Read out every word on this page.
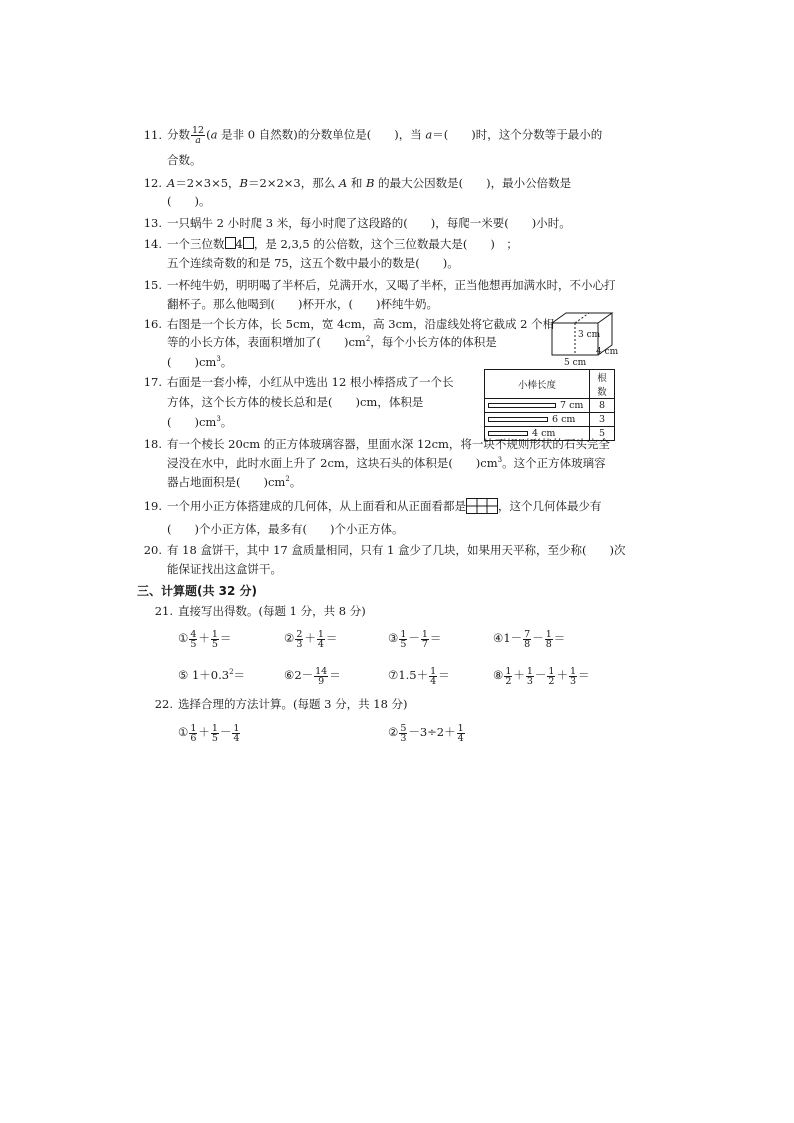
11. 分数 $\frac{12}{a} (a$ 是非 0 自然数)的分数单位是(　　)，当 a＝(　　)时，这个分数等于最小的
合数。
12. A＝2×3×5，B＝2×2×3，那么 A 和 B 的最大公因数是(　　)，最小公倍数是
(　　)。
13. 一只蜗牛 2 小时爬 3 米，每小时爬了这段路的(　　)，每爬一米要(　　)小时。
14. 一个三位数 4 ，是 2,3,5 的公倍数，这个三位数最大是(　　)　；
五个连续奇数的和是 75，这五个数中最小的数是(　　)。
15. 一杯纯牛奶，明明喝了半杯后，兑满开水，又喝了半杯，正当他想再加满水时，不小心打
翻杯子。那么他喝到(　　)杯开水，(　　)杯纯牛奶。
16. 右图是一个长方体，长 5cm，宽 4cm，高 3cm，沿虚线处将它截成 2 个相
等的小长方体，表面积增加了(　　)$cm^2$，每个小长方体的体积是
(　　)$cm^3$。
3 cm
5 cm
4 cm
17. 右面是一套小棒，小红从中选出 12 根小棒搭成了一个长
方体，这个长方体的棱长总和是(　　)cm，体积是
(　　)$cm^3$。
小棒长度	根数
7 cm	8
6 cm	3
4 cm	5
18. 有一个棱长 20cm 的正方体玻璃容器，里面水深 12cm，将一块不规则形状的石头完全
浸没在水中，此时水面上升了 2cm，这块石头的体积是(　　)$cm^3$。这个正方体玻璃容
器占地面积是(　　)$cm^2$。
19. 一个用小正方体搭建成的几何体，从上面看和从正面看都是	，这个几何体最少有
(　　)个小正方体，最多有(　　)个小正方体。
20. 有 18 盒饼干，其中 17 盒质量相同，只有 1 盒少了几块，如果用天平称，至少称(　　)次
能保证找出这盒饼干。
三、计算题(共 32 分)
21. 直接写出得数。(每题 1 分，共 8 分)
① $\frac{4}{5} + \frac{1}{5}$ ＝	② $\frac{2}{3} + \frac{1}{4}$ ＝	③ $\frac{1}{5} - \frac{1}{7}$ ＝	④1－ $\frac{7}{8} - \frac{1}{8}$ ＝
⑤ $1+0.3^2=$	⑥2－ $\frac{14}{9}$ ＝	⑦1.5＋ $\frac{1}{4}$ ＝	⑧ $\frac{1}{2} + \frac{1}{3} - \frac{1}{2} + \frac{1}{3}$ ＝
22. 选择合理的方法计算。(每题 3 分，共 18 分)
① $\frac{1}{6} + \frac{1}{5} - \frac{1}{4}$	② $\frac{5}{3} -3\div 2+ \frac{1}{4}$
